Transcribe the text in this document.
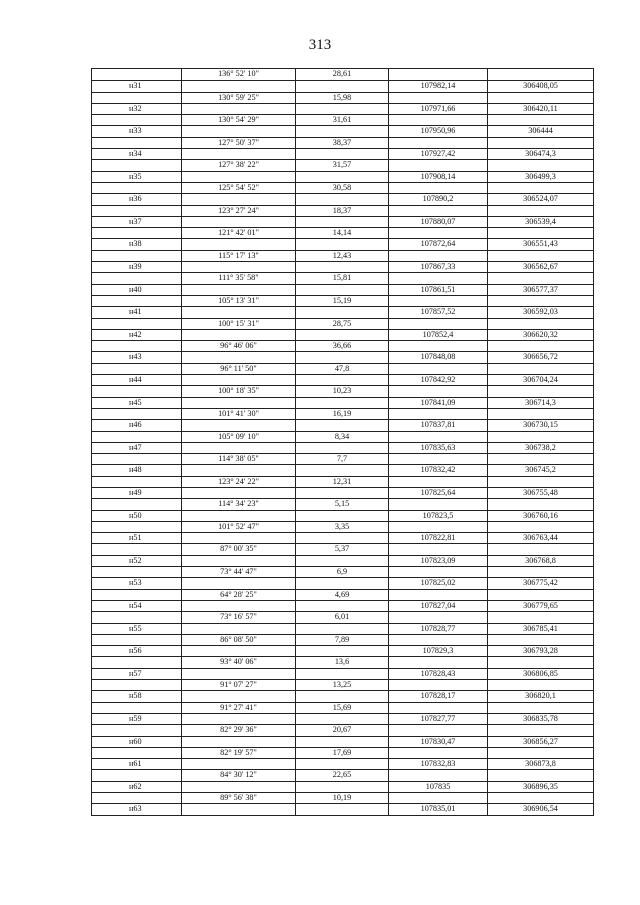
313
136° 52' 10"	28,61
н31	107982,14	306408,05
130° 59' 25"	15,98
н32	107971,66	306420,11
130° 54' 29"	31,61
н33	107950,96	306444
127° 50' 37"	38,37
н34	107927,42	306474,3
127° 38' 22"	31,57
н35	107908,14	306499,3
125° 54' 52"	30,58
н36	107890,2	306524,07
123° 27' 24"	18,37
н37	107880,07	306539,4
121° 42' 01"	14,14
н38	107872,64	306551,43
115° 17' 13"	12,43
н39	107867,33	306562,67
111° 35' 58"	15,81
н40	107861,51	306577,37
105° 13' 31"	15,19
н41	107857,52	306592,03
100° 15' 31"	28,75
н42	107852,4	306620,32
96° 46' 06"	36,66
н43	107848,08	306656,72
96° 11' 50"	47,8
н44	107842,92	306704,24
100° 18' 35"	10,23
н45	107841,09	306714,3
101° 41' 30"	16,19
н46	107837,81	306730,15
105° 09' 10"	8,34
н47	107835,63	306738,2
114° 38' 05"	7,7
н48	107832,42	306745,2
123° 24' 22"	12,31
н49	107825,64	306755,48
114° 34' 23"	5,15
н50	107823,5	306760,16
101° 52' 47"	3,35
н51	107822,81	306763,44
87° 00' 35"	5,37
н52	107823,09	306768,8
73° 44' 47"	6,9
н53	107825,02	306775,42
64° 28' 25"	4,69
н54	107827,04	306779,65
73° 16' 57"	6,01
н55	107828,77	306785,41
86° 08' 50"	7,89
н56	107829,3	306793,28
93° 40' 06"	13,6
н57	107828,43	306806,85
91° 07' 27"	13,25
н58	107828,17	306820,1
91° 27' 41"	15,69
н59	107827,77	306835,78
82° 29' 36"	20,67
н60	107830,47	306856,27
82° 19' 57"	17,69
н61	107832,83	306873,8
84° 30' 12"	22,65
н62	107835	306896,35
89° 56' 38"	10,19
н63	107835,01	306906,54
